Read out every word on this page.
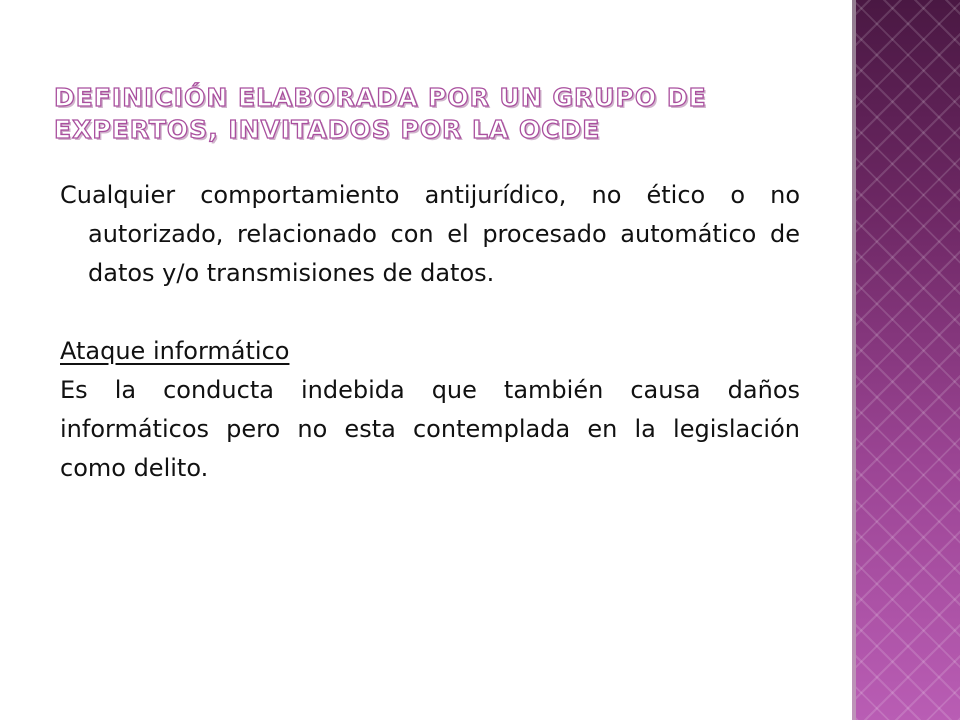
DEFINICIÓN ELABORADA POR UN GRUPO DE EXPERTOS, INVITADOS POR LA OCDE

Cualquier comportamiento antijurídico, no ético o no autorizado, relacionado con el procesado automático de datos y/o transmisiones de datos.

Ataque informático

Es la conducta indebida que también causa daños informáticos pero no esta contemplada en la legislación como delito.
